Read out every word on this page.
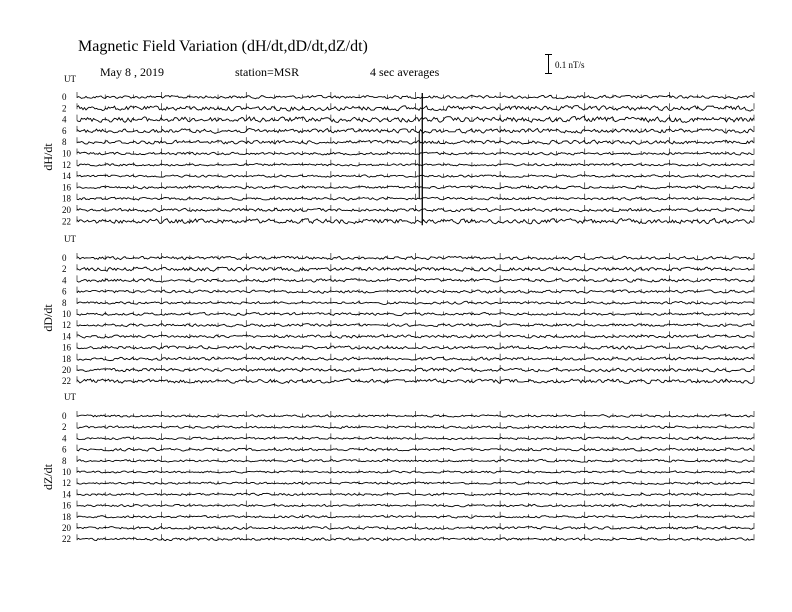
Magnetic Field Variation (dH/dt,dD/dt,dZ/dt)
May 8 , 2019	station=MSR	4 sec averages	0.1 nT/s
UT
dH/dt
0
2
4
6
8
10
12
14
16
18
20
22
UT
dD/dt
0
2
4
6
8
10
12
14
16
18
20
22
UT
dZ/dt
0
2
4
6
8
10
12
14
16
18
20
22
